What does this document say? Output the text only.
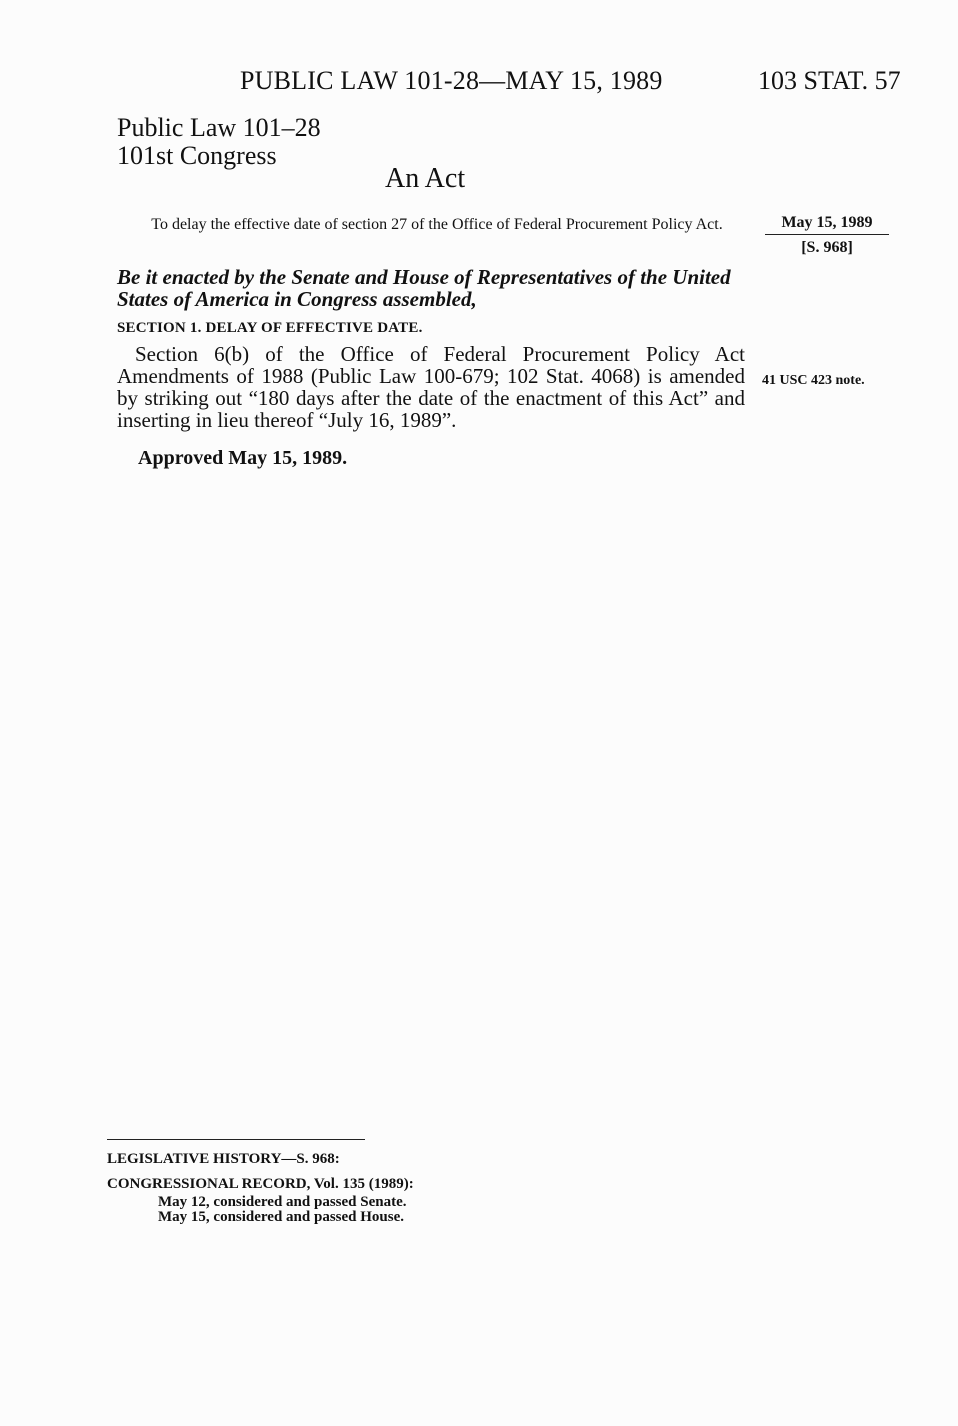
PUBLIC LAW 101-28—MAY 15, 1989	103 STAT. 57
Public Law 101–28
101st Congress
An Act
To delay the effective date of section 27 of the Office of Federal Procurement Policy Act.	May 15, 1989
[S. 968]
Be it enacted by the Senate and House of Representatives of the United States of America in Congress assembled,
SECTION 1. DELAY OF EFFECTIVE DATE.
Section 6(b) of the Office of Federal Procurement Policy Act Amendments of 1988 (Public Law 100-679; 102 Stat. 4068) is amended by striking out “180 days after the date of the enactment of this Act” and inserting in lieu thereof “July 16, 1989”.
41 USC 423 note.
Approved May 15, 1989.
LEGISLATIVE HISTORY—S. 968:
CONGRESSIONAL RECORD, Vol. 135 (1989):
May 12, considered and passed Senate.
May 15, considered and passed House.
